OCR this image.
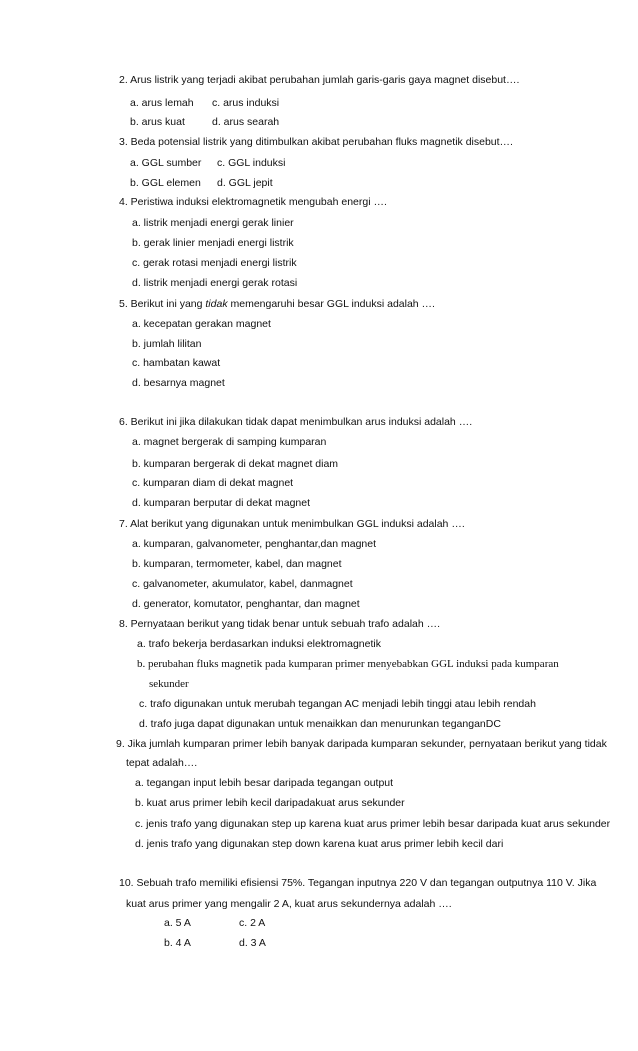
2. Arus listrik yang terjadi akibat perubahan jumlah garis-garis gaya magnet disebut….
a. arus lemah c. arus induksi
b. arus kuat	d. arus searah
3. Beda potensial listrik yang ditimbulkan akibat perubahan fluks magnetik disebut….
a. GGL sumber c. GGL induksi
b. GGL elemen d. GGL jepit
4. Peristiwa induksi elektromagnetik mengubah energi ….
a. listrik menjadi energi gerak linier
b. gerak linier menjadi energi listrik
c. gerak rotasi menjadi energi listrik
d. listrik menjadi energi gerak rotasi
5. Berikut ini yang tidak memengaruhi besar GGL induksi adalah ….
a. kecepatan gerakan magnet
b. jumlah lilitan
c. hambatan kawat
d. besarnya magnet
6. Berikut ini jika dilakukan tidak dapat menimbulkan arus induksi adalah ….
a. magnet bergerak di samping kumparan
b. kumparan bergerak di dekat magnet diam
c. kumparan diam di dekat magnet
d. kumparan berputar di dekat magnet
7. Alat berikut yang digunakan untuk menimbulkan GGL induksi adalah ….
a. kumparan, galvanometer, penghantar,dan magnet
b. kumparan, termometer, kabel, dan magnet
c. galvanometer, akumulator, kabel, danmagnet
d. generator, komutator, penghantar, dan magnet
8. Pernyataan berikut yang tidak benar untuk sebuah trafo adalah ….
a. trafo bekerja berdasarkan induksi elektromagnetik
b. perubahan fluks magnetik pada kumparan primer menyebabkan GGL induksi pada kumparan
sekunder
c. trafo digunakan untuk merubah tegangan AC menjadi lebih tinggi atau lebih rendah
d. trafo juga dapat digunakan untuk menaikkan dan menurunkan teganganDC
9. Jika jumlah kumparan primer lebih banyak daripada kumparan sekunder, pernyataan berikut yang tidak
tepat adalah….
a. tegangan input lebih besar daripada tegangan output
b. kuat arus primer lebih kecil daripadakuat arus sekunder
c. jenis trafo yang digunakan step up karena kuat arus primer lebih besar daripada kuat arus sekunder
d. jenis trafo yang digunakan step down karena kuat arus primer lebih kecil dari
10. Sebuah trafo memiliki efisiensi 75%. Tegangan inputnya 220 V dan tegangan outputnya 110 V. Jika
kuat arus primer yang mengalir 2 A, kuat arus sekundernya adalah ….
a. 5 A	c. 2 A
b. 4 A	d. 3 A
